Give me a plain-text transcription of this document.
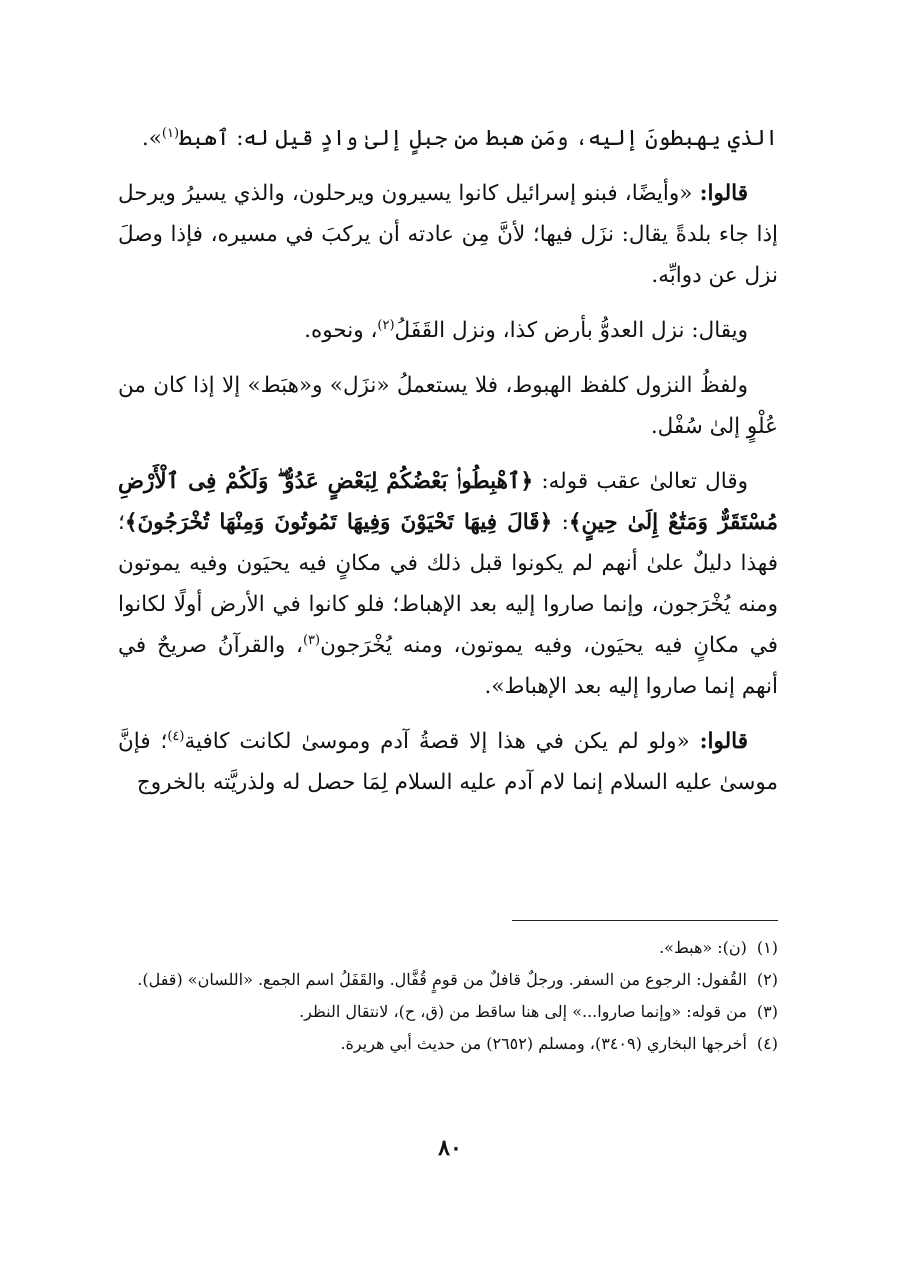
الذي يهبطونَ إليه، ومَن هبط من جبلٍ إلىٰ وادٍ قيل له: ٱهبط$^{(١)}$».

قالوا: «وأيضًا، فبنو إسرائيل كانوا يسيرون ويرحلون، والذي يسيرُ ويرحل إذا جاء بلدةً يقال: نزَل فيها؛ لأنَّ مِن عادته أن يركبَ في مسيره، فإذا وصلَ نزل عن دوابِّه.

ويقال: نزل العدوُّ بأرض كذا، ونزل القَفَلُ$^{(٢)}$، ونحوه.

ولفظُ النزول كلفظ الهبوط، فلا يستعملُ «نزَل» و«هبَط» إلا إذا كان من عُلْوٍ إلىٰ سُفْل.

وقال تعالىٰ عقب قوله: ﴿ٱهْبِطُوا۟ بَعْضُكُمْ لِبَعْضٍ عَدُوٌّ ۖ وَلَكُمْ فِى ٱلْأَرْضِ مُسْتَقَرٌّ وَمَتَٰعٌ إِلَىٰ حِينٍ﴾: ﴿قَالَ فِيهَا تَحْيَوْنَ وَفِيهَا تَمُوتُونَ وَمِنْهَا تُخْرَجُونَ﴾؛ فهذا دليلٌ علىٰ أنهم لم يكونوا قبل ذلك في مكانٍ فيه يحيَون وفيه يموتون ومنه يُخْرَجون، وإنما صاروا إليه بعد الإهباط؛ فلو كانوا في الأرض أولًا لكانوا في مكانٍ فيه يحيَون، وفيه يموتون، ومنه يُخْرَجون$^{(٣)}$، والقرآنُ صريحٌ في أنهم إنما صاروا إليه بعد الإهباط».

قالوا: «ولو لم يكن في هذا إلا قصةُ آدم وموسىٰ لكانت كافية$^{(٤)}$؛ فإنَّ موسىٰ عليه السلام إنما لام آدم عليه السلام لِمَا حصل له ولذريَّته بالخروج

(١)
(ن): «هبط».
(٢)
القُفول: الرجوع من السفر. ورجلٌ قافلٌ من قومٍ قُفَّال. والقَفَلُ اسم الجمع. «اللسان» (قفل).
(٣)
من قوله: «وإنما صاروا...» إلى هنا ساقط من (ق، ح)، لانتقال النظر.
(٤)
أخرجها البخاري (٣٤٠٩)، ومسلم (٢٦٥٢) من حديث أبي هريرة.
٨٠
